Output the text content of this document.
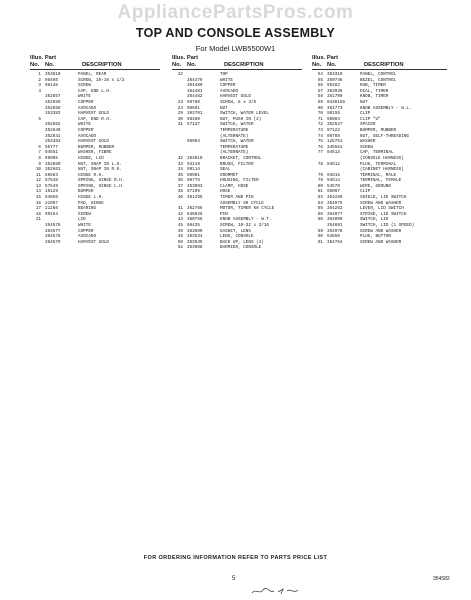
AppliancePartsPros.com
TOP AND CONSOLE ASSEMBLY
For Model LWB5500W1
Illus. Part
No. No.	DESCRIPTION
1 353610	PANEL, REAR
2 98466	SCREW, 10-16 x 1/2
3 98146	SCREW
4	CAP, END L.H.
352657	WHITE
352659	COPPER
352658	AVOCADO
353383	HARVEST GOLD
5	CAP, END R.H.
352662	WHITE
352840	COPPER
352841	AVOCADO
353383	HARVEST GOLD
6 95777	BUMPER, RUBBER
7 94551	WASHER, FIBRE
8 95096	HINGE, LID
9 352660	NUT, SNAP IN L.H.
10 352661	NUT, SNAP IN R.H.
11 56563	HINGE R.H.
12 57548	SPRING, HINGE R.H.
13 57549	SPRING, HINGE L.H.
14 19129	BUMPER
15 54856	HINGE L.H.
16 21097	PAD, HINGE
17 21268	BEARING
18 99154	SCREW
21	LID
354576	WHITE
354577	COPPER
354578	AVOCADO
354579	HARVEST GOLD
Illus. Part
No. No.	DESCRIPTION
22	TOP
364479	WHITE
364480	COPPER
364481	AVOCADO
364482	HARVEST GOLD
23 96760	SCREW, 8 x 3/8
24 98591	NUT
29 363701	SWITCH, WATER LEVEL
30 98460	NUT, PUSH IN (2)
31 57137	SWITCH, WATER
TEMPERATURE
(ALTERNATE)
95964	SWITCH, WATER
TEMPERATURE
(ALTERNATE)
32 353610	BRACKET, CONTROL
33 94119	BRUSH, FILTER
34 99114	SEAL
35 90901	GROMMET
36 90776	HOUSING, FILTER
37 353093	CLAMP, HOSE
38 97109	HOSE
40 361295	TIMER AND PIN
ASSEMBLY 60 CYCLE
41 362766	MOTOR, TIMER 60 CYCLE
42 646926	PIN
43 360756	KNOB ASSEMBLY - W.T.
45 98435	SCREW, 10-32 x 3/16
49 353609	GASKET, LENS
49 353534	LENS, CONSOLE
50 353535	BACK UP, LENS (4)
52 353608	BARRIER, CONSOLE
Illus. Part
No. No.	DESCRIPTION
54 353319	PANEL, CONTROL
55 350746	BEZEL, CONTROL
56 95282	RUB, TIMER
57 363936	DIAL, TIMER
58 351709	KNOB, TIMER
59 9436165	NUT
60 361773	KNOB ASSEMBLY - W.L.
70 90155	CLIP
71 98084	CLIP "U"
72 352527	SPACER
73 97122	BUMPER, RUBBER
74 98788	NUT, SELF-THREADING
75 125751	WASHER
76 345561	SCREW
77 94613	CAP, TERMINAL
(CONSOLE HARNESS)
78 94612	PLUG, TERMINAL
(CABINET HARNESS)
79 94615	TERMINAL, MALE
79 94614	TERMINAL, FEMALE
80 54570	WIRE, GROUND
81 95097	CLIP
83 354280	SHIELD, LID SWITCH
84 354976	SCREW AND WASHER
85 354262	LEVER, LID SWITCH
86 354977	STRIKE, LID SWITCH
86 354090	SWITCH, LID
354691	SWITCH, LID (1 SPEED)
89 354978	SCREW AND WASHER
90 54650	PLUG, BUTTON
91 354764	SCREW AND WASHER
FOR ORDERING INFORMATION REFER TO PARTS PRICE LIST
5	354582
